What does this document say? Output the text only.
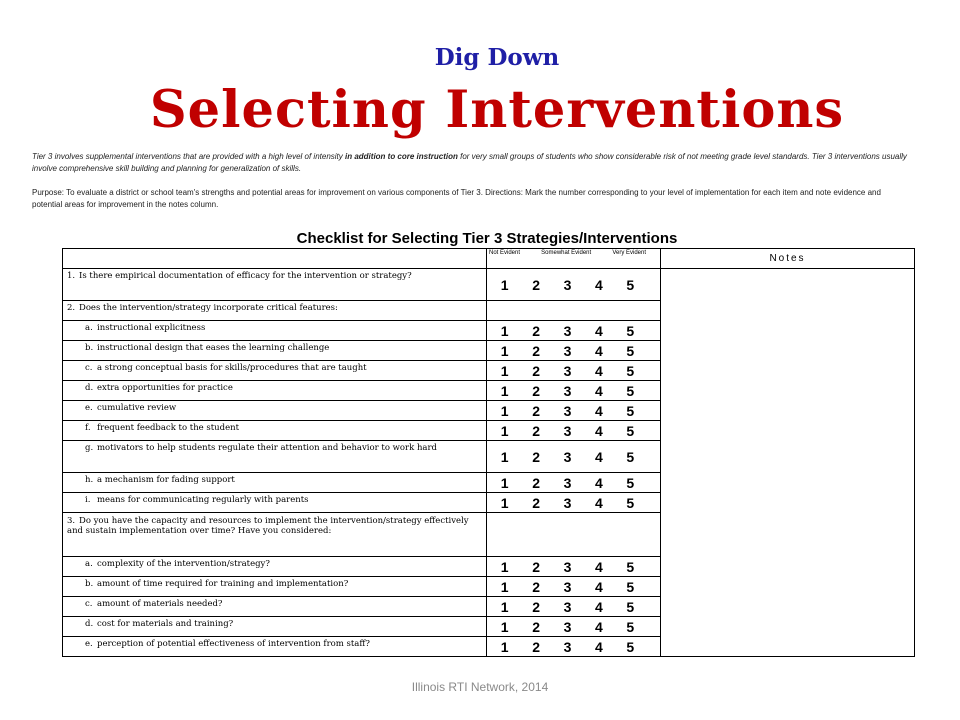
Dig Down
Selecting Interventions

Tier 3 involves supplemental interventions that are provided with a high level of intensity in addition to core instruction for very small groups of students who show considerable risk of not meeting grade level standards. Tier 3 interventions usually involve comprehensive skill building and planning for generalization of skills.

Purpose: To evaluate a district or school team's strengths and potential areas for improvement on various components of Tier 3. Directions: Mark the number corresponding to your level of implementation for each item and note evidence and potential areas for improvement in the notes column.

Checklist for Selecting Tier 3 Strategies/Interventions

	Not Evident Somewhat Evident Very Evident	Notes
1. Is there empirical documentation of efficacy for the intervention or strategy?	1 2 3 4 5	

2. Does the intervention/strategy incorporate critical features:		
a. instructional explicitness	1 2 3 4 5	

b. instructional design that eases the learning challenge	1 2 3 4 5	

c. a strong conceptual basis for skills/procedures that are taught	1 2 3 4 5	

d. extra opportunities for practice	1 2 3 4 5	

e. cumulative review	1 2 3 4 5	

f. frequent feedback to the student	1 2 3 4 5	

g. motivators to help students regulate their attention and behavior to work hard	1 2 3 4 5	

h. a mechanism for fading support	1 2 3 4 5	

i. means for communicating regularly with parents	1 2 3 4 5	

3. Do you have the capacity and resources to implement the intervention/strategy effectively and sustain implementation over time? Have you considered:		
a. complexity of the intervention/strategy?	1 2 3 4 5	

b. amount of time required for training and implementation?	1 2 3 4 5	

c. amount of materials needed?	1 2 3 4 5	

d. cost for materials and training?	1 2 3 4 5	

e. perception of potential effectiveness of intervention from staff?	1 2 3 4 5	
Illinois RTI Network, 2014
